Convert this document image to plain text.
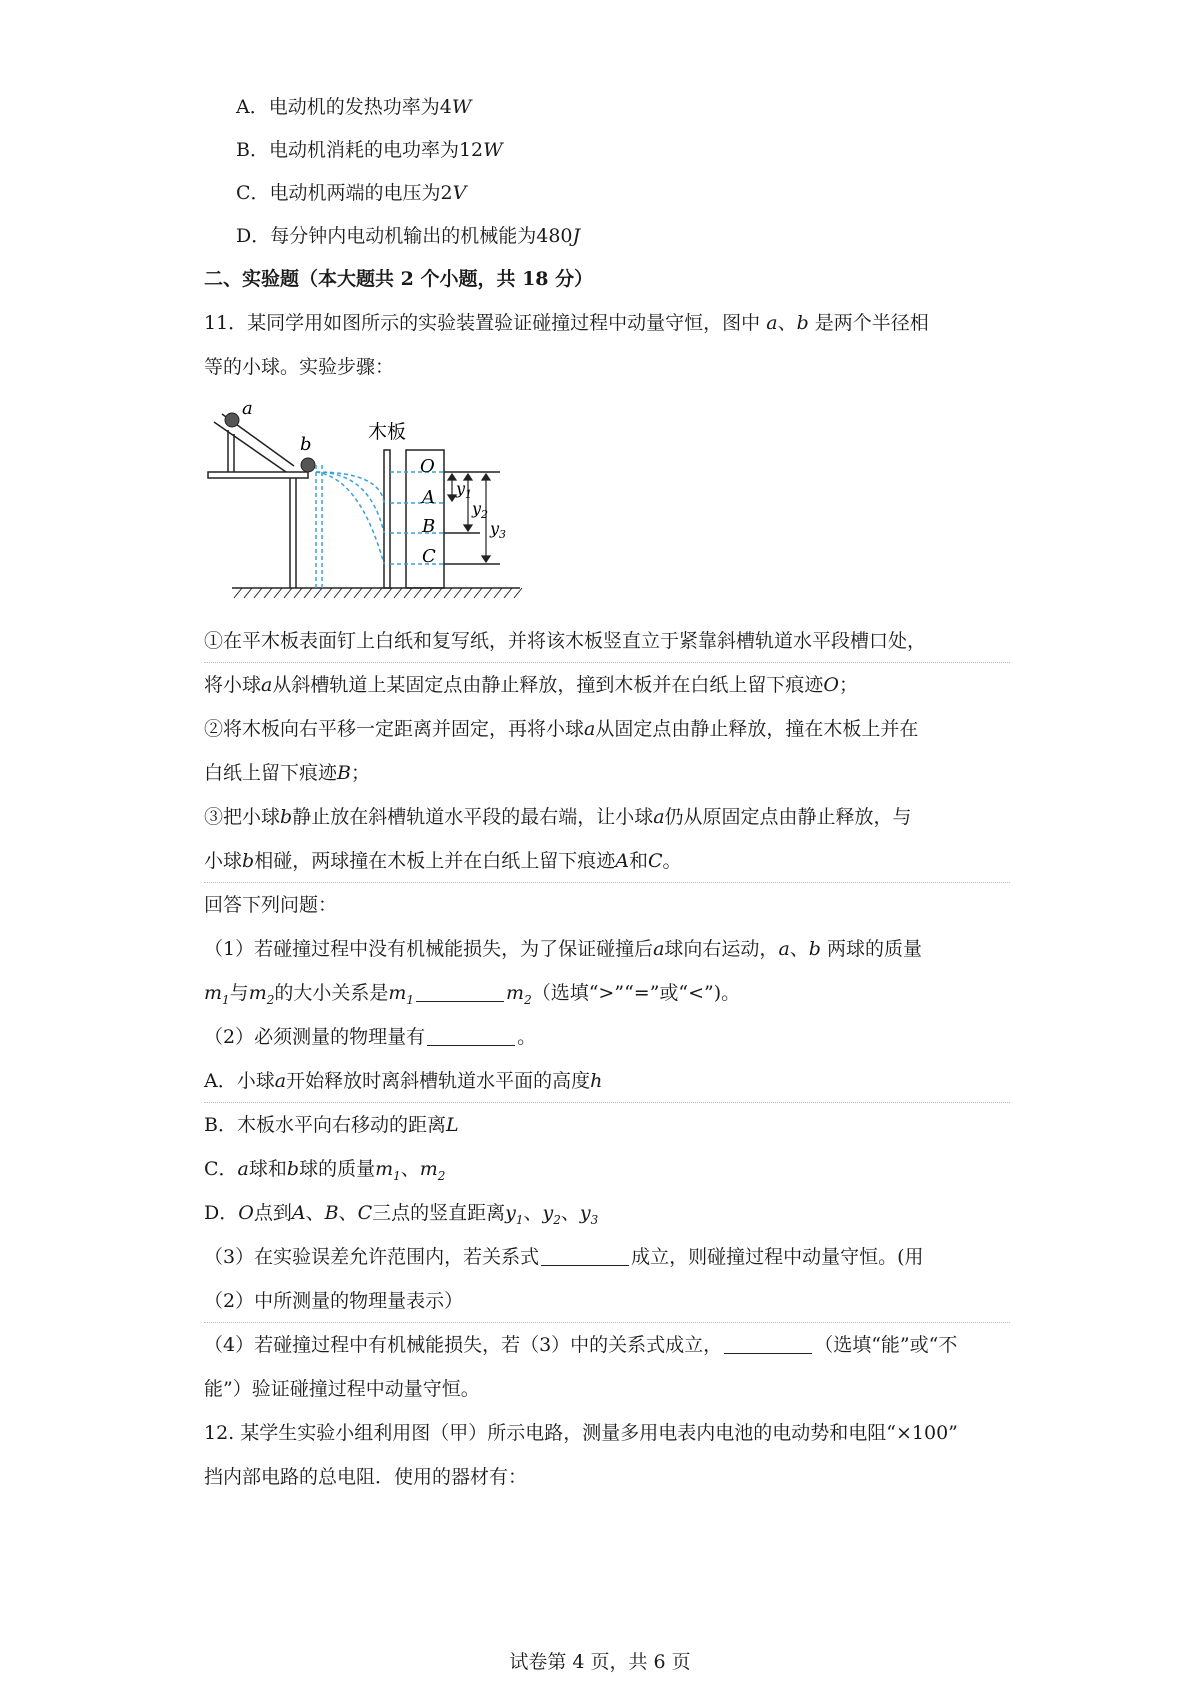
A．电动机的发热功率为4W
B．电动机消耗的电功率为12W
C．电动机两端的电压为2V
D．每分钟内电动机输出的机械能为480J
二、实验题（本大题共 2 个小题，共 18 分）
11．某同学用如图所示的实验装置验证碰撞过程中动量守恒，图中 a、b 是两个半径相
等的小球。实验步骤：
a
b
木板
O
A
B
C
$y_1$
$y_2$
$y_3$
①在平木板表面钉上白纸和复写纸，并将该木板竖直立于紧靠斜槽轨道水平段槽口处，
将小球a从斜槽轨道上某固定点由静止释放，撞到木板并在白纸上留下痕迹O；
②将木板向右平移一定距离并固定，再将小球a从固定点由静止释放，撞在木板上并在
白纸上留下痕迹B；
③把小球b静止放在斜槽轨道水平段的最右端，让小球a仍从原固定点由静止释放，与
小球b相碰，两球撞在木板上并在白纸上留下痕迹A和C。
回答下列问题：
（1）若碰撞过程中没有机械能损失，为了保证碰撞后a球向右运动，a、b 两球的质量
$m_1$与$m_2$的大小关系是$m_1$	$m_2$（选填“>”“=”或“<”)。
（2）必须测量的物理量有	。
A．小球a开始释放时离斜槽轨道水平面的高度h
B．木板水平向右移动的距离L
C．a球和b球的质量$m_1$、$m_2$
D．O点到A、B、C三点的竖直距离$y_1$、$y_2$、$y_3$
（3）在实验误差允许范围内，若关系式	成立，则碰撞过程中动量守恒。(用
（2）中所测量的物理量表示）
（4）若碰撞过程中有机械能损失，若（3）中的关系式成立，	（选填“能”或“不
能”）验证碰撞过程中动量守恒。
12. 某学生实验小组利用图（甲）所示电路，测量多用电表内电池的电动势和电阻“×100”
挡内部电路的总电阻．使用的器材有：
试卷第 4 页，共 6 页
